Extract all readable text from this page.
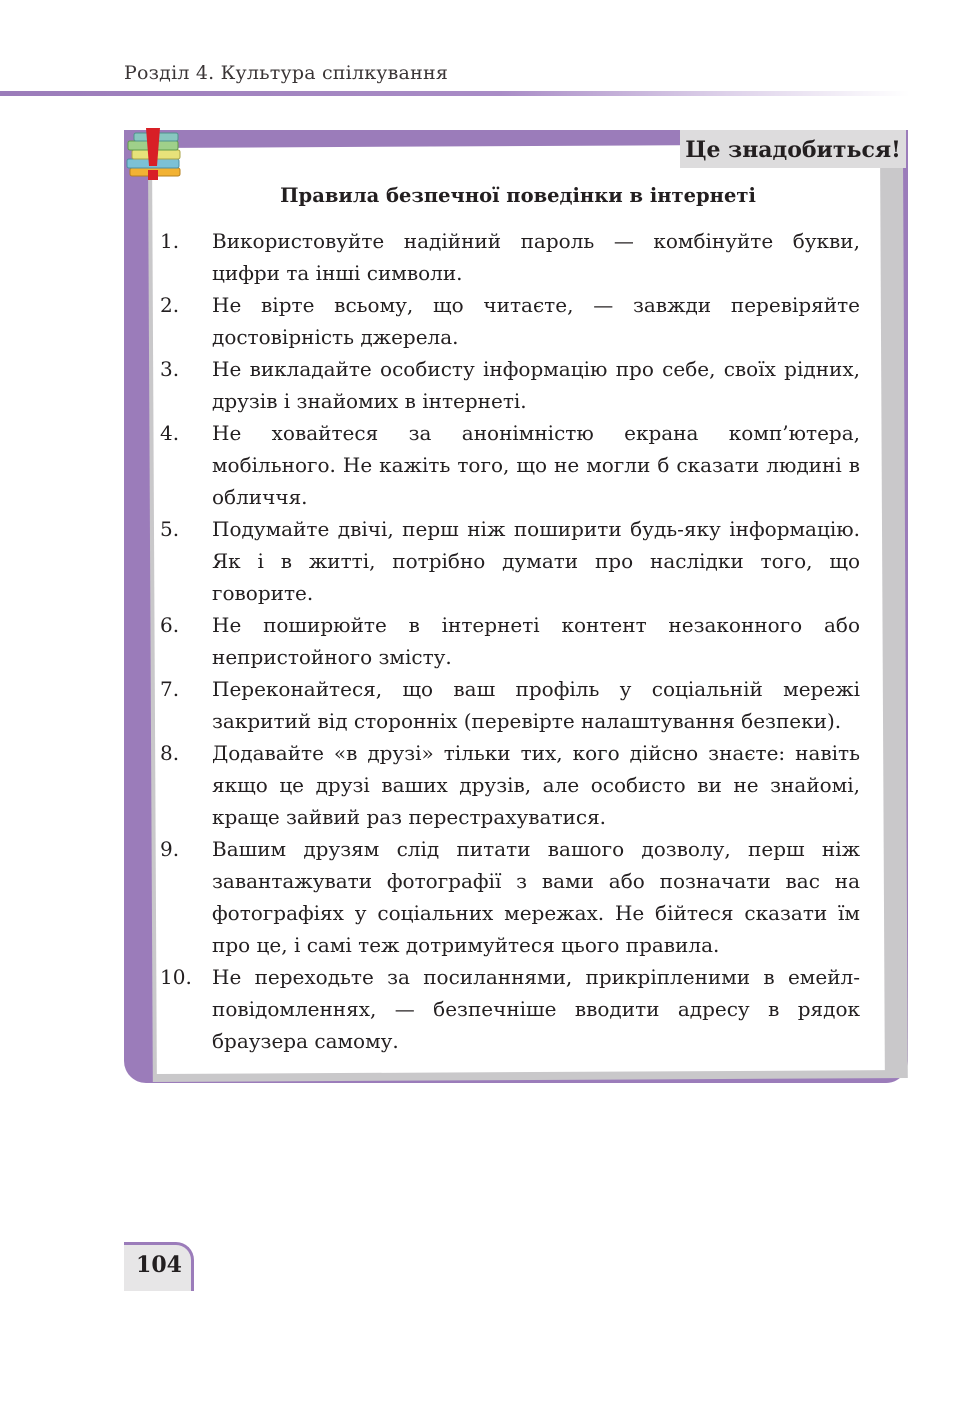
Розділ 4. Культура спілкування
Це знадобиться!
Правила безпечної поведінки в інтернеті
1. Використовуйте надійний пароль — комбінуйте букви, цифри та інші символи.
2. Не вірте всьому, що читаєте, — завжди перевіряйте достовірність джерела.
3. Не викладайте особисту інформацію про себе, своїх рідних, друзів і знайомих в інтернеті.
4. Не ховайтеся за анонімністю екрана комп’ютера, мобільного. Не кажіть того, що не могли б сказати людині в обличчя.
5. Подумайте двічі, перш ніж поширити будь-яку інформацію. Як і в житті, потрібно думати про наслідки того, що говорите.
6. Не поширюйте в інтернеті контент незаконного або непристойного змісту.
7. Переконайтеся, що ваш профіль у соціальній мережі закритий від сторонніх (перевірте налаштування безпеки).
8. Додавайте «в друзі» тільки тих, кого дійсно знаєте: навіть якщо це друзі ваших друзів, але особисто ви не знайомі, краще зайвий раз перестрахуватися.
9. Вашим друзям слід питати вашого дозволу, перш ніж завантажувати фотографії з вами або позначати вас на фотографіях у соціальних мережах. Не бійтеся сказати їм про це, і самі теж дотримуйтеся цього правила.
10. Не переходьте за посиланнями, прикріпленими в емейл-повідомленнях, — безпечніше вводити адресу в рядок браузера самому.
104
